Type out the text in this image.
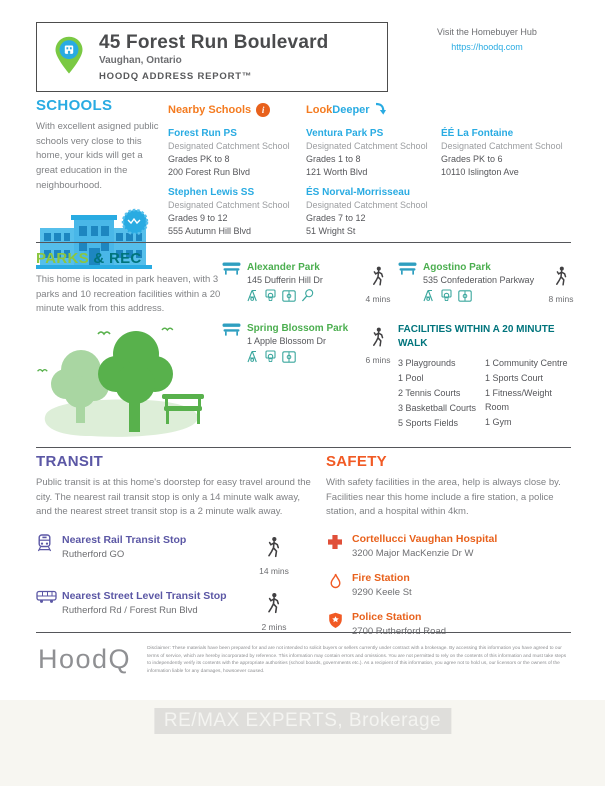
45 Forest Run Boulevard
Vaughan, Ontario
HOODQ ADDRESS REPORT™
Visit the Homebuyer Hub
https://hoodq.com
SCHOOLS

With excellent asigned public schools very close to this home, your kids will get a great education in the neighbourhood.

Nearby Schools	i
Forest Run PS
Designated Catchment School
Grades PK to 8
200 Forest Run Blvd
Stephen Lewis SS
Designated Catchment School
Grades 9 to 12
555 Autumn Hill Blvd
LookDeeper
Ventura Park PS
Designated Catchment School
Grades 1 to 8
121 Worth Blvd
ÉS Norval-Morrisseau
Designated Catchment School
Grades 7 to 12
51 Wright St
ÉÉ La Fontaine
Designated Catchment School
Grades PK to 6
10110 Islington Ave
PARKS & REC

This home is located in park heaven, with 3 parks and 10 recreation facilities within a 20 minute walk from this address.

Alexander Park
145 Dufferin Hill Dr
4 mins
Agostino Park
535 Confederation Parkway
8 mins
Spring Blossom Park
1 Apple Blossom Dr
6 mins
FACILITIES WITHIN A 20 MINUTE WALK
3 Playgrounds
1 Pool
2 Tennis Courts
3 Basketball Courts
5 Sports Fields
1 Community Centre
1 Sports Court
1 Fitness/Weight Room
1 Gym
TRANSIT

Public transit is at this home's doorstep for easy travel around the city. The nearest rail transit stop is only a 14 minute walk away, and the nearest street transit stop is a 2 minute walk away.

Nearest Rail Transit Stop
Rutherford GO
14 mins
Nearest Street Level Transit Stop
Rutherford Rd / Forest Run Blvd
2 mins
SAFETY

With safety facilities in the area, help is always close by. Facilities near this home include a fire station, a police station, and a hospital within 4km.

Cortellucci Vaughan Hospital
3200 Major MacKenzie Dr W
Fire Station
9290 Keele St
Police Station
2700 Rutherford Road
HoodQ	Disclaimer: These materials have been prepared for and are not intended to solicit buyers or sellers currently under contract with a brokerage. By accessing this information you have agreed to our terms of service, which are hereby incorporated by reference. This information may contain errors and omissions. You are not permitted to rely on the contents of this information and must take steps to independently verify its contents with the appropriate authorities (school boards, governments etc.). As a recipient of this information, you agree not to hold us, our licensors or the owners of the information liable for any damages, howsoever caused.
RE/MAX EXPERTS, Brokerage
